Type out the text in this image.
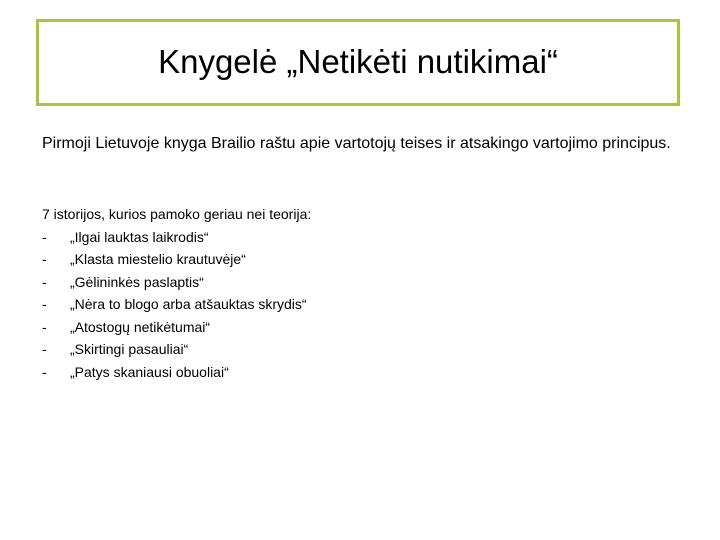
Knygelė „Netikėti nutikimai“
Pirmoji Lietuvoje knyga Brailio raštu apie vartotojų teises ir atsakingo vartojimo principus.
7 istorijos, kurios pamoko geriau nei teorija:
-	„Ilgai lauktas laikrodis“
-	„Klasta miestelio krautuvėje“
-	„Gėlininkės paslaptis“
-	„Nėra to blogo arba atšauktas skrydis“
-	„Atostogų netikėtumai“
-	„Skirtingi pasauliai“
-	„Patys skaniausi obuoliai“
